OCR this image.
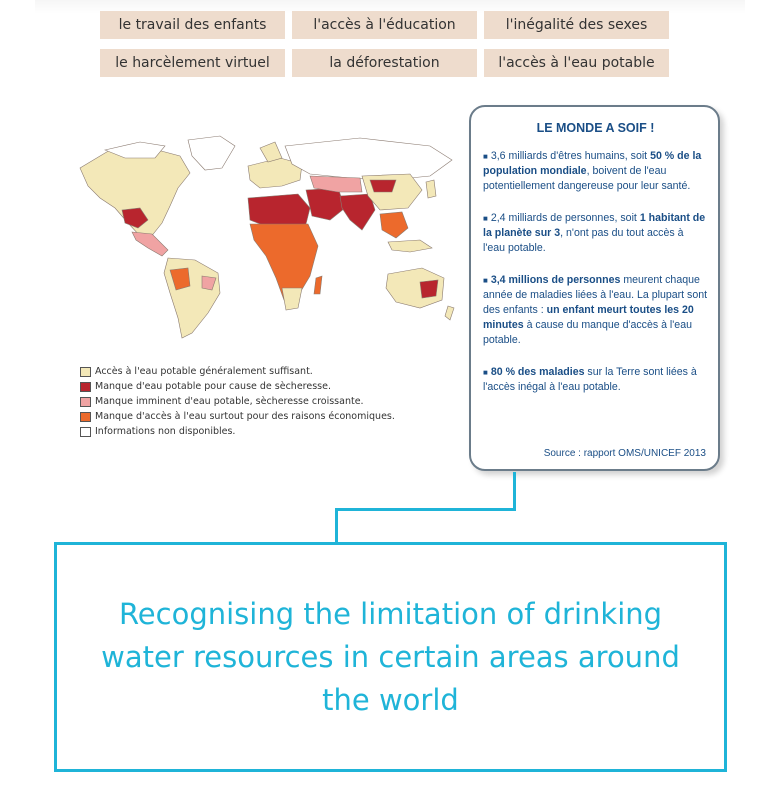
le travail des enfants	l'accès à l'éducation	l'inégalité des sexes
le harcèlement virtuel	la déforestation	l'accès à l'eau potable
Accès à l'eau potable généralement suffisant.
Manque d'eau potable pour cause de sècheresse.
Manque imminent d'eau potable, sècheresse croissante.
Manque d'accès à l'eau surtout pour des raisons économiques.
Informations non disponibles.
LE MONDE A SOIF !

■ 3,6 milliards d'êtres humains, soit 50 % de la population mondiale, boivent de l'eau potentiellement dangereuse pour leur santé.

■ 2,4 milliards de personnes, soit 1 habitant de la planète sur 3, n'ont pas du tout accès à l'eau potable.

■ 3,4 millions de personnes meurent chaque année de maladies liées à l'eau. La plupart sont des enfants : un enfant meurt toutes les 20 minutes à cause du manque d'accès à l'eau potable.

■ 80 % des maladies sur la Terre sont liées à l'accès inégal à l'eau potable.

Source : rapport OMS/UNICEF 2013
Recognising the limitation of drinking water resources in certain areas around the world
